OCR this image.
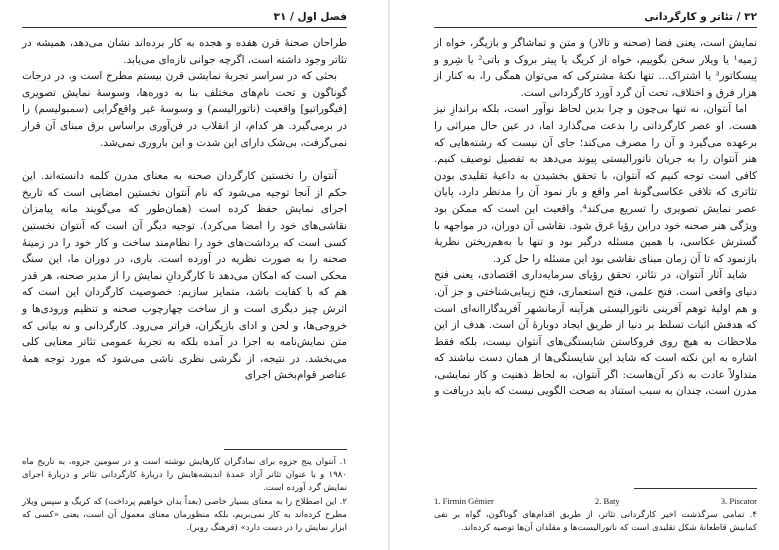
فصل اول / ۳۱

طراحان صحنهٔ قرن هفده و هجده به کار برده‌اند نشان می‌دهد، همیشه در تئاتر وجود داشته است، اگرچه جوانی تازه‌ای می‌یابد.

بحثی که در سراسر تجربهٔ نمایشی قرن بیستم مطرح است و، در درجات گوناگون و تحت نام‌های مختلف بنا به دوره‌ها، وسوسهٔ نمایش تصویری [فیگوراتیو] واقعیت (ناتورالیسم) و وسوسهٔ غیر واقع‌گرایی (سمبولیسم) را در برمی‌گیرد. هر کدام، از انقلاب در فن‌آوری براساس برق مبنای آن قرار نمی‌گرفت، بی‌شک دارای این شدت و این باروری نمی‌شد.

آنتوان را نخستین کارگردان صحنه به معنای مدرن کلمه دانسته‌اند. این حکم از آنجا توجیه می‌شود که نام آنتوان نخستین امضایی است که تاریخ اجرای نمایش حفظ کرده است (همان‌طور که می‌گویند مانه پیامزان نقاشی‌های خود را امضا می‌کرد). توجیه دیگر آن است که آنتوان نخستین کسی است که برداشت‌های خود را نظام‌مند ساخت و کار خود را در زمینهٔ صحنه را به صورت نظریه در آورده است. باری، در دوران ما، این سنگ محکی است که امکان می‌دهد تا کارگردانِ نمایش را از مدیر صحنه، هر قدر هم که با کفایت باشد، متمایز سازیم: خصوصیت کارگردان این است که اثرش چیز دیگری است و از ساخت چهارچوب صحنه و تنظیم ورودی‌ها و خروجی‌ها، و لحن و ادای بازیگران، فراتر می‌رود. کارگردانی و نه بیانی که متن نمایش‌نامه به اجرا در آمده بلکه به تجربهٔ عمومی تئاتر معنایی کلی می‌بخشد. در نتیجه، از نگرشی نظری ناشی می‌شود که مورد توجه همهٔ عناصر قوام‌بخش اجرای

۱. آنتوان پنج جزوه برای نمادگران کارهایش نوشته است و در سومین جزوه، به تاریخ ماه ۱۹۸۰ و با عنوان تئاتر آزاد عمدهٔ اندیشه‌هایش را دربارهٔ کارگردانی تئاتر و دربارهٔ اجرای نمایش گرد آورده است.

۲. این اصطلاح را به معنای بسیار خاصی (بعداً بدان خواهیم پرداخت) که کریگ و سپس ویلار مطرح کرده‌اند به کار نمی‌بریم، بلکه منظورمان معنای معمول آن است، یعنی «کسی که ابزار نمایش را در دست دارد» (فرهنگ روبر).

۳۲ / تئاتر و کارگردانی

نمایش است، یعنی فضا (صحنه و تالار) و متن و تماشاگر و بازیگر، خواه از ژمیه¹ یا ویلار سخن بگوییم، خواه از کریگ یا پیتر بروک و باتی² یا شِرو و پیسکاتور³ یا اشتراک... تنها نکتهٔ مشترکی که می‌توان همگی را، به کنار از هزار فرق و اختلاف، تحت آن گرد آورد کارگردانی است.

اما آنتوان، نه تنها بی‌چون و چرا بدین لحاظ نوآور است، بلکه براندازِ نیز هست. او عصر کارگردانی را بدعت می‌گذارد اما، در عین حال میراثی را برعهده می‌گیرد و آن را مصرف می‌کند؛ جای آن نیست که رشته‌هایی که هنر آنتوان را به جریان ناتورالیستی پیوند می‌دهد به تفصیل توصیف کنیم. کافی است توجه کنیم که آنتوان، با تحقق بخشیدن به داعیهٔ تقلیدی بودن تئاتری که تلاقی عکاسی‌گونهٔ امر واقع و باز نمود آن را مدنظر دارد، پایان عصر نمایش تصویری را تسریع می‌کند⁴. واقعیت این است که ممکن بود ویژگی هنر صحنه خود دراین رؤیا غرق شود. نقاشی آن دوران، در مواجهه با گسترش عکاسی، با همین مسئله درگیر بود و تنها با به‌هم‌ریختن نظریهٔ بازنمود که تا آن زمان مبنای نقاشی بود این مسئله را حل کرد.

شاید آثار آنتوان، در تئاتر، تحقق رؤیای سرمایه‌داری اقتصادی، یعنی فتح دنیای واقعی است. فتح علمی، فتح استعماری، فتح زیبایی‌شناختی و جز آن. و هم اولیهٔ توهم آفرینی ناتورالیستی هرآینه آرمانشهر آفریدگاراانه‌ای است که هدفش اثبات تسلط بر دنیا از طریق ایجاد دوبارهٔ آن است. هدف از این ملاحظات به هیچ روی فروکاستن شایستگی‌های آنتوان نیست، بلکه فقط اشاره به این نکته است که شاید این شایستگی‌ها از همان دست نباشند که متداولاً عادت به ذکر آن‌هاست: اگر آنتوان، به لحاظ ذهنیت و کار نمایشی، مدرن است، چندان به سبب استناد به صحت الگویی نیست که باید دریافت و

1. Firmin Gémier	2. Baty	3. Piscator

۴. تمامی سرگذشت اخیر کارگردانی تئاتر، از طریق اقدام‌های گوناگون، گواه بر نفی کمابیش قاطعانهٔ شکل تقلیدی است که ناتورالیست‌ها و مقلدان آن‌ها توصیه کرده‌اند.
